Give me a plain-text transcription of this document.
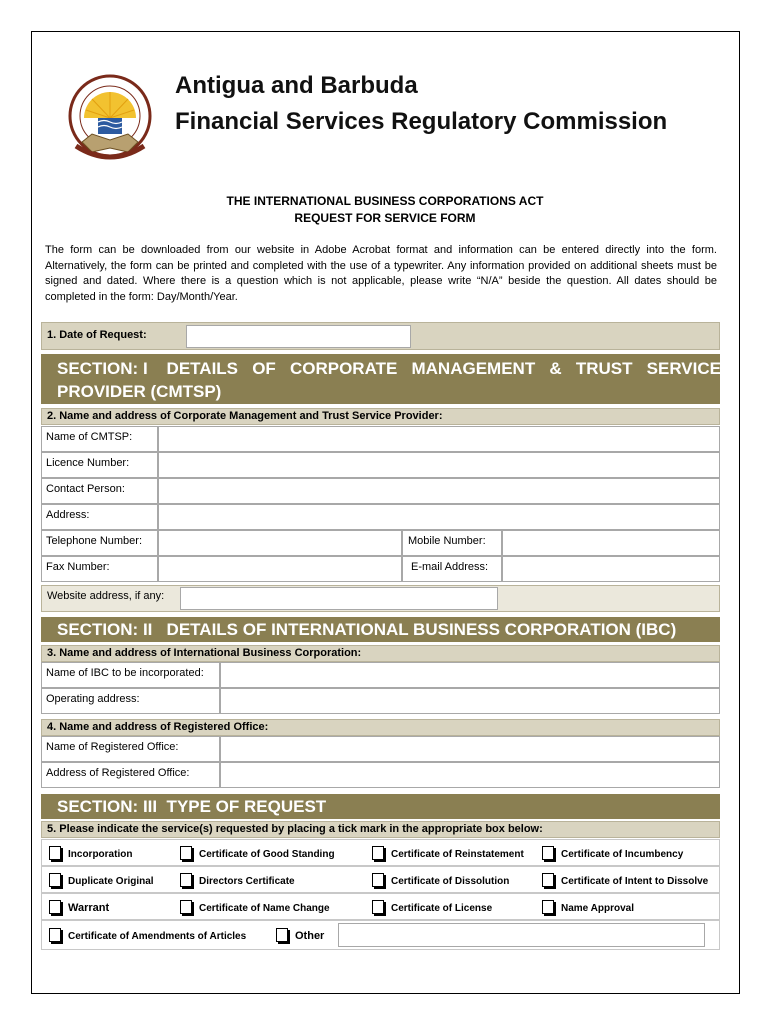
Antigua and Barbuda
Financial Services Regulatory Commission
THE INTERNATIONAL BUSINESS CORPORATIONS ACT
REQUEST FOR SERVICE FORM
The form can be downloaded from our website in Adobe Acrobat format and information can be entered directly into the form. Alternatively, the form can be printed and completed with the use of a typewriter. Any information provided on additional sheets must be signed and dated. Where there is a question which is not applicable, please write “N/A” beside the question. All dates should be completed in the form: Day/Month/Year.
1. Date of Request:
SECTION: I    DETAILS   OF   CORPORATE   MANAGEMENT   &   TRUST   SERVICE
PROVIDER (CMTSP)
2. Name and address of Corporate Management and Trust Service Provider:
Name of CMTSP:
Licence Number:
Contact Person:
Address:
Telephone Number:	Mobile Number:
Fax Number:	E-mail Address:
Website address, if any:
SECTION: II   DETAILS OF INTERNATIONAL BUSINESS CORPORATION (IBC)
3. Name and address of International Business Corporation:
Name of IBC to be incorporated:
Operating address:
4. Name and address of Registered Office:
Name of Registered Office:
Address of Registered Office:
SECTION: III  TYPE OF REQUEST
5. Please indicate the service(s) requested by placing a tick mark in the appropriate box below:
Incorporation	Certificate of Good Standing	Certificate of Reinstatement	Certificate of Incumbency
Duplicate Original	Directors Certificate	Certificate of Dissolution	Certificate of Intent to Dissolve
Warrant	Certificate of Name Change	Certificate of License	Name Approval
Certificate of Amendments of Articles	Other
